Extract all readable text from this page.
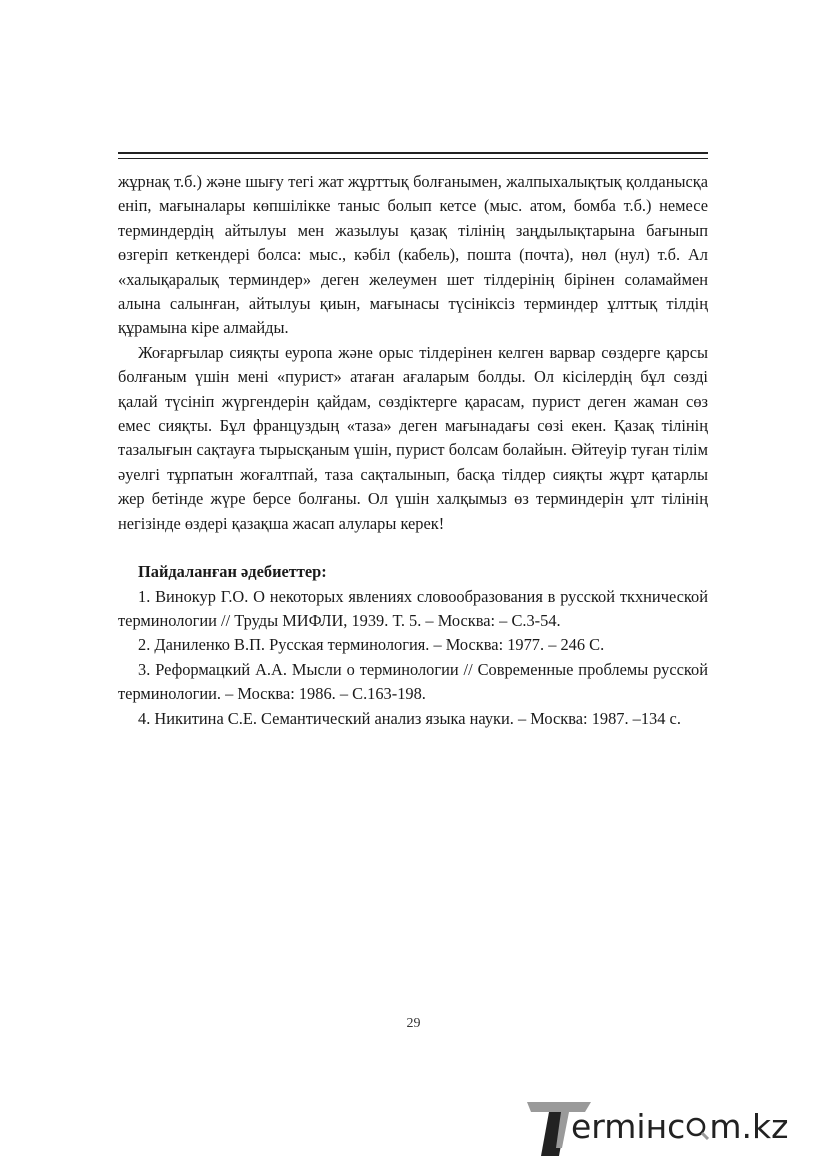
жұрнақ т.б.) және шығу тегі жат жұрттық болғанымен, жалпыхалықтық қолданысқа еніп, мағыналары көпшілікке таныс болып кетсе (мыс. атом, бомба т.б.) немесе терминдердің айтылуы мен жазылуы қазақ тілінің заңдылықтарына бағынып өзгеріп кеткендері болса: мыс., кәбіл (кабель), пошта (почта), нөл (нул) т.б. Ал «халықаралық терминдер» деген желеумен шет тілдерінің бірінен соламаймен алына салынған, айтылуы қиын, мағынасы түсініксіз терминдер ұлттық тілдің құрамына кіре алмайды.

Жоғарғылар сияқты еуропа және орыс тілдерінен келген варвар сөздерге қарсы болғаным үшін мені «пурист» атаған ағаларым болды. Ол кісілердің бұл сөзді қалай түсініп жүргендерін қайдам, сөздіктерге қарасам, пурист деген жаман сөз емес сияқты. Бұл француздың «таза» деген мағынадағы сөзі екен. Қазақ тілінің тазалығын сақтауға тырысқаным үшін, пурист болсам болайын. Әйтеуір туған тілім әуелгі тұрпатын жоғалтпай, таза сақталынып, басқа тілдер сияқты жұрт қатарлы жер бетінде жүре берсе болғаны. Ол үшін халқымыз өз терминдерін ұлт тілінің негізінде өздері қазақша жасап алулары керек!

Пайдаланған әдебиеттер:

1. Винокур Г.О. О некоторых явлениях словообразования в русской ткхнической терминологии // Труды МИФЛИ, 1939. Т. 5. – Москва: – С.3-54.

2. Даниленко В.П. Русская терминология. – Москва: 1977. – 246 С.

3. Реформацкий А.А. Мысли о терминологии // Современные проблемы русской терминологии. – Москва: 1986. – С.163-198.

4. Никитина С.Е. Семантический анализ языка науки. – Москва: 1987. –134 с.

29
ermінc m.kz
